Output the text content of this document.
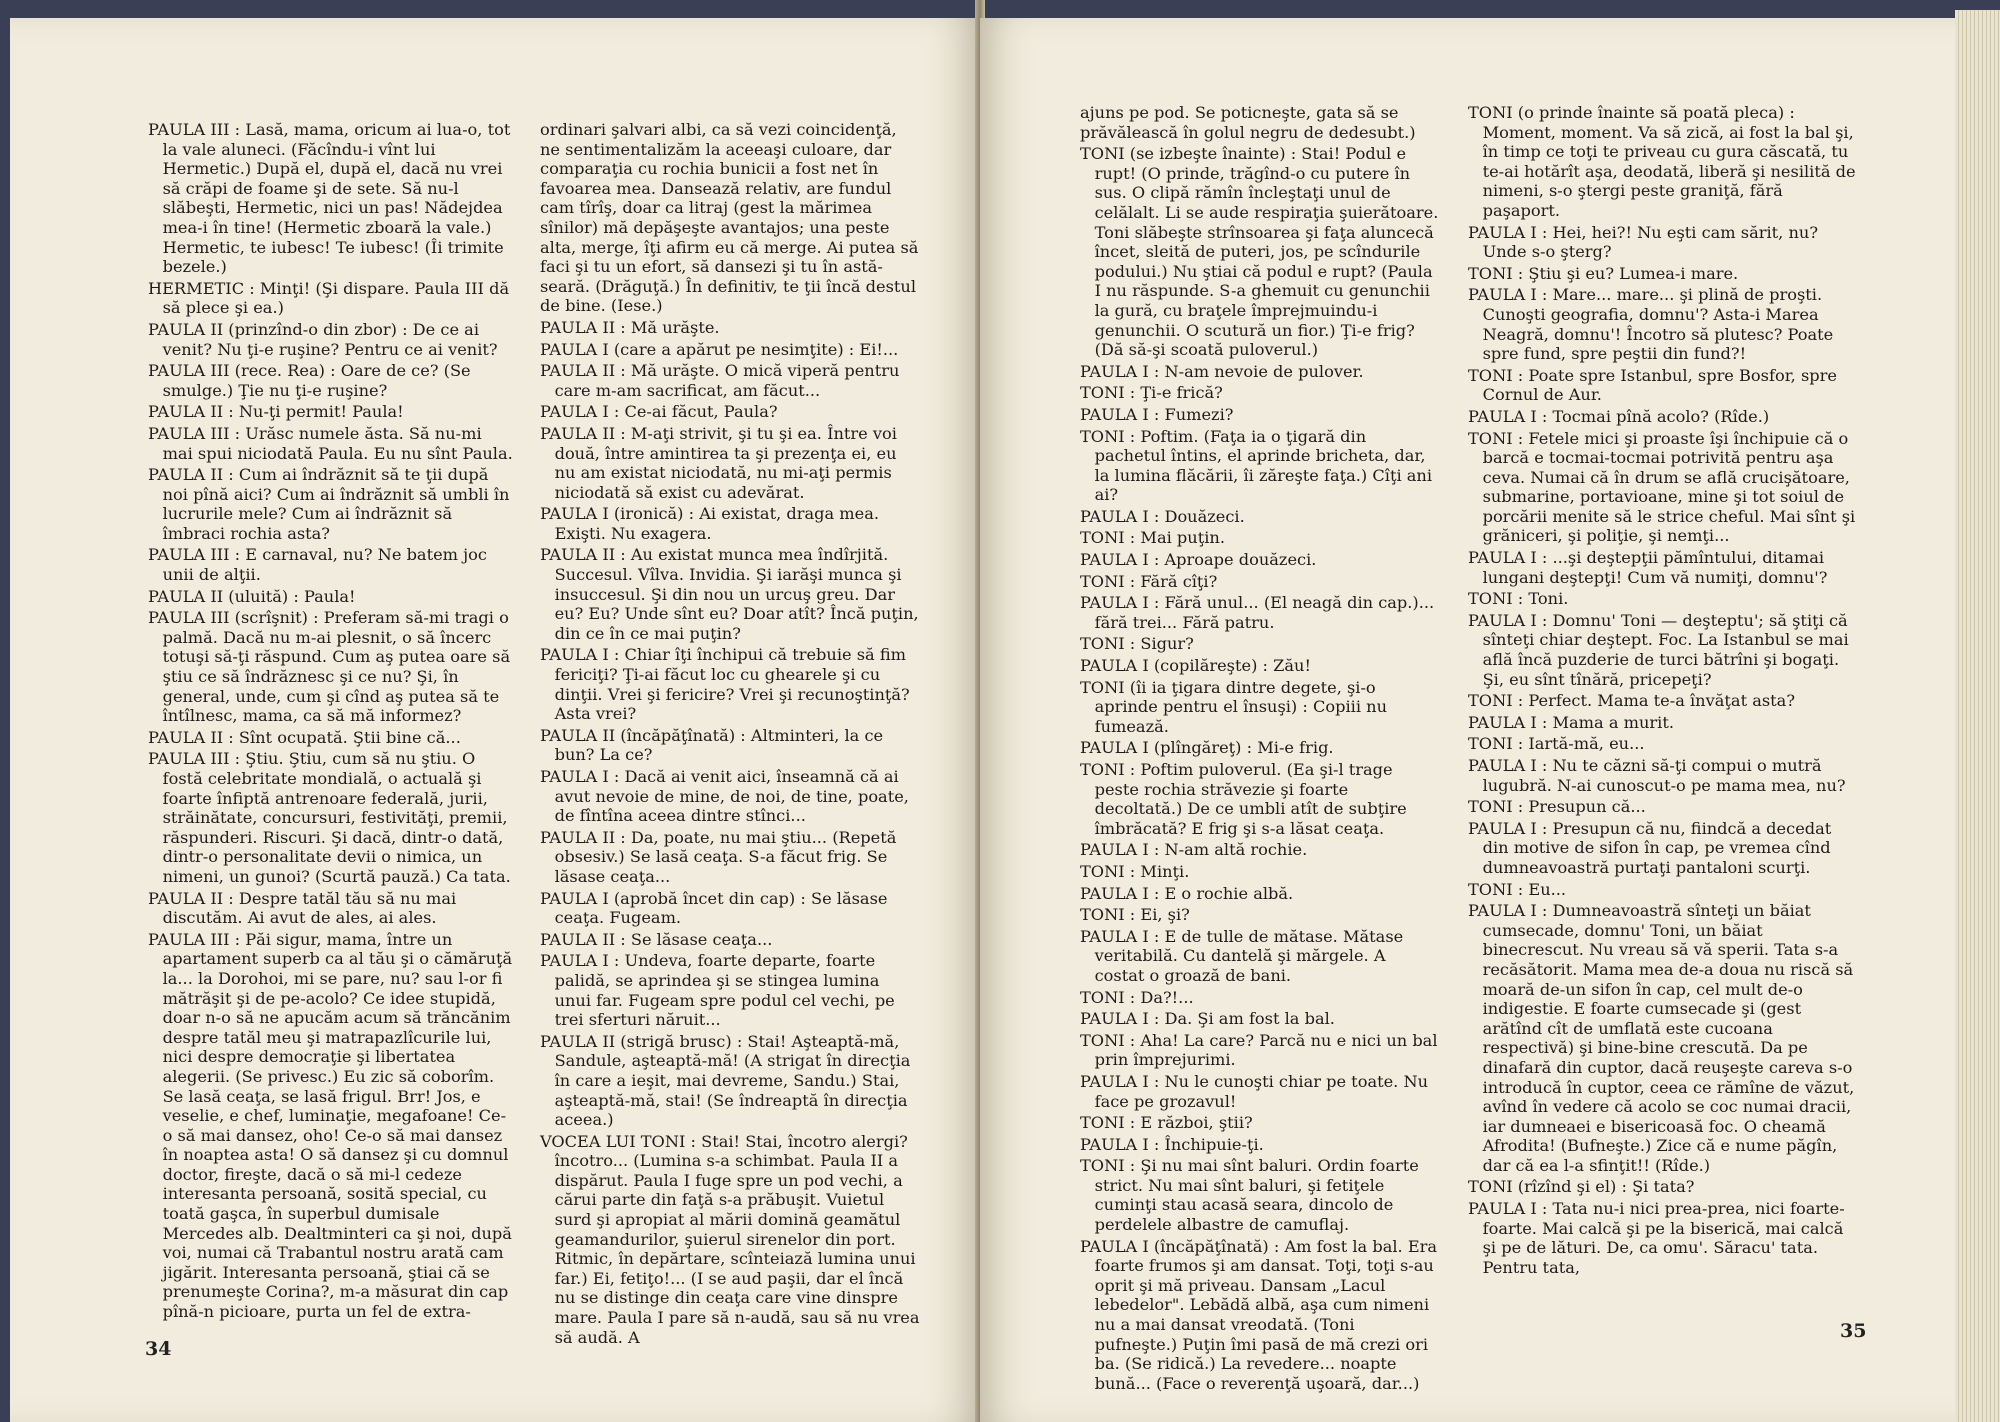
PAULA III : Lasă, mama, oricum ai lua-o, tot la vale aluneci. (Făcîndu-i vînt lui Hermetic.) După el, după el, dacă nu vrei să crăpi de foame şi de sete. Să nu-l slăbeşti, Hermetic, nici un pas! Nădejdea mea-i în tine! (Hermetic zboară la vale.) Hermetic, te iubesc! Te iubesc! (Îi trimite bezele.)

HERMETIC : Minţi! (Şi dispare. Paula III dă să plece şi ea.)

PAULA II (prinzînd-o din zbor) : De ce ai venit? Nu ţi-e ruşine? Pentru ce ai venit?

PAULA III (rece. Rea) : Oare de ce? (Se smulge.) Ţie nu ţi-e ruşine?

PAULA II : Nu-ţi permit! Paula!

PAULA III : Urăsc numele ăsta. Să nu-mi mai spui niciodată Paula. Eu nu sînt Paula.

PAULA II : Cum ai îndrăznit să te ţii după noi pînă aici? Cum ai îndrăznit să umbli în lucrurile mele? Cum ai îndrăznit să îmbraci rochia asta?

PAULA III : E carnaval, nu? Ne batem joc unii de alţii.

PAULA II (uluită) : Paula!

PAULA III (scrîşnit) : Preferam să-mi tragi o palmă. Dacă nu m-ai plesnit, o să încerc totuşi să-ţi răspund. Cum aş putea oare să ştiu ce să îndrăznesc şi ce nu? Şi, în general, unde, cum şi cînd aş putea să te întîlnesc, mama, ca să mă informez?

PAULA II : Sînt ocupată. Ştii bine că...

PAULA III : Ştiu. Ştiu, cum să nu ştiu. O fostă celebritate mondială, o actuală şi foarte înfiptă antrenoare federală, jurii, străinătate, concursuri, festivităţi, premii, răspunderi. Riscuri. Şi dacă, dintr-o dată, dintr-o personalitate devii o nimica, un nimeni, un gunoi? (Scurtă pauză.) Ca tata.

PAULA II : Despre tatăl tău să nu mai discutăm. Ai avut de ales, ai ales.

PAULA III : Păi sigur, mama, între un apartament superb ca al tău şi o cămăruţă la... la Dorohoi, mi se pare, nu? sau l-or fi mătrăşit şi de pe-acolo? Ce idee stupidă, doar n-o să ne apucăm acum să trăncănim despre tatăl meu şi matrapazlîcurile lui, nici despre democraţie şi libertatea alegerii. (Se privesc.) Eu zic să coborîm. Se lasă ceaţa, se lasă frigul. Brr! Jos, e veselie, e chef, luminaţie, megafoane! Ce-o să mai dansez, oho! Ce-o să mai dansez în noaptea asta! O să dansez şi cu domnul doctor, fireşte, dacă o să mi-l cedeze interesanta persoană, sosită special, cu toată gaşca, în superbul dumisale Mercedes alb. Dealtminteri ca şi noi, după voi, numai că Trabantul nostru arată cam jigărit. Interesanta persoană, ştiai că se prenumeşte Corina?, m-a măsurat din cap pînă-n picioare, purta un fel de extra-

ordinari şalvari albi, ca să vezi coincidenţă, ne sentimentalizăm la aceeaşi culoare, dar comparaţia cu rochia bunicii a fost net în favoarea mea. Dansează relativ, are fundul cam tîrîş, doar ca litraj (gest la mărimea sînilor) mă depăşeşte avantajos; una peste alta, merge, îţi afirm eu că merge. Ai putea să faci şi tu un efort, să dansezi şi tu în astă-seară. (Drăguţă.) În definitiv, te ţii încă destul de bine. (Iese.)

PAULA II : Mă urăşte.

PAULA I (care a apărut pe nesimţite) : Ei!...

PAULA II : Mă urăşte. O mică viperă pentru care m-am sacrificat, am făcut...

PAULA I : Ce-ai făcut, Paula?

PAULA II : M-aţi strivit, şi tu şi ea. Între voi două, între amintirea ta şi prezenţa ei, eu nu am existat niciodată, nu mi-aţi permis niciodată să exist cu adevărat.

PAULA I (ironică) : Ai existat, draga mea. Exişti. Nu exagera.

PAULA II : Au existat munca mea îndîrjită. Succesul. Vîlva. Invidia. Şi iarăşi munca şi insuccesul. Şi din nou un urcuş greu. Dar eu? Eu? Unde sînt eu? Doar atît? Încă puţin, din ce în ce mai puţin?

PAULA I : Chiar îţi închipui că trebuie să fim fericiţi? Ţi-ai făcut loc cu ghearele şi cu dinţii. Vrei şi fericire? Vrei şi recunoştinţă? Asta vrei?

PAULA II (încăpăţînată) : Altminteri, la ce bun? La ce?

PAULA I : Dacă ai venit aici, înseamnă că ai avut nevoie de mine, de noi, de tine, poate, de fîntîna aceea dintre stînci...

PAULA II : Da, poate, nu mai ştiu... (Repetă obsesiv.) Se lasă ceaţa. S-a făcut frig. Se lăsase ceaţa...

PAULA I (aprobă încet din cap) : Se lăsase ceaţa. Fugeam.

PAULA II : Se lăsase ceaţa...

PAULA I : Undeva, foarte departe, foarte palidă, se aprindea şi se stingea lumina unui far. Fugeam spre podul cel vechi, pe trei sferturi năruit...

PAULA II (strigă brusc) : Stai! Aşteaptă-mă, Sandule, aşteaptă-mă! (A strigat în direcţia în care a ieşit, mai devreme, Sandu.) Stai, aşteaptă-mă, stai! (Se îndreaptă în direcţia aceea.)

VOCEA LUI TONI : Stai! Stai, încotro alergi? încotro... (Lumina s-a schimbat. Paula II a dispărut. Paula I fuge spre un pod vechi, a cărui parte din faţă s-a prăbuşit. Vuietul surd şi apropiat al mării domină geamătul geamandurilor, şuierul sirenelor din port. Ritmic, în depărtare, scînteiază lumina unui far.) Ei, fetiţo!... (I se aud paşii, dar el încă nu se distinge din ceaţa care vine dinspre mare. Paula I pare să n-audă, sau să nu vrea să audă. A

34

ajuns pe pod. Se poticneşte, gata să se prăvălească în golul negru de dedesubt.)

TONI (se izbeşte înainte) : Stai! Podul e rupt! (O prinde, trăgînd-o cu putere în sus. O clipă rămîn încleştaţi unul de celălalt. Li se aude respiraţia şuierătoare. Toni slăbeşte strînsoarea şi faţa aluncecă încet, sleită de puteri, jos, pe scîndurile podului.) Nu ştiai că podul e rupt? (Paula I nu răspunde. S-a ghemuit cu genunchii la gură, cu braţele împrejmuindu-i genunchii. O scutură un fior.) Ţi-e frig? (Dă să-şi scoată puloverul.)

PAULA I : N-am nevoie de pulover.

TONI : Ţi-e frică?

PAULA I : Fumezi?

TONI : Poftim. (Faţa ia o ţigară din pachetul întins, el aprinde bricheta, dar, la lumina flăcării, îi zăreşte faţa.) Cîţi ani ai?

PAULA I : Douăzeci.

TONI : Mai puţin.

PAULA I : Aproape douăzeci.

TONI : Fără cîţi?

PAULA I : Fără unul... (El neagă din cap.)... fără trei... Fără patru.

TONI : Sigur?

PAULA I (copilăreşte) : Zău!

TONI (îi ia ţigara dintre degete, şi-o aprinde pentru el însuşi) : Copiii nu fumează.

PAULA I (plîngăreţ) : Mi-e frig.

TONI : Poftim puloverul. (Ea şi-l trage peste rochia străvezie şi foarte decoltată.) De ce umbli atît de subţire îmbrăcată? E frig şi s-a lăsat ceaţa.

PAULA I : N-am altă rochie.

TONI : Minţi.

PAULA I : E o rochie albă.

TONI : Ei, şi?

PAULA I : E de tulle de mătase. Mătase veritabilă. Cu dantelă şi mărgele. A costat o groază de bani.

TONI : Da?!...

PAULA I : Da. Şi am fost la bal.

TONI : Aha! La care? Parcă nu e nici un bal prin împrejurimi.

PAULA I : Nu le cunoşti chiar pe toate. Nu face pe grozavul!

TONI : E război, ştii?

PAULA I : Închipuie-ţi.

TONI : Şi nu mai sînt baluri. Ordin foarte strict. Nu mai sînt baluri, şi fetiţele cuminţi stau acasă seara, dincolo de perdelele albastre de camuflaj.

PAULA I (încăpăţînată) : Am fost la bal. Era foarte frumos şi am dansat. Toţi, toţi s-au oprit şi mă priveau. Dansam „Lacul lebedelor". Lebădă albă, aşa cum nimeni nu a mai dansat vreodată. (Toni pufneşte.) Puţin îmi pasă de mă crezi ori ba. (Se ridică.) La revedere... noapte bună... (Face o reverenţă uşoară, dar...)

TONI (o prinde înainte să poată pleca) : Moment, moment. Va să zică, ai fost la bal şi, în timp ce toţi te priveau cu gura căscată, tu te-ai hotărît aşa, deodată, liberă şi nesilită de nimeni, s-o ştergi peste graniţă, fără paşaport.

PAULA I : Hei, hei?! Nu eşti cam sărit, nu? Unde s-o şterg?

TONI : Ştiu şi eu? Lumea-i mare.

PAULA I : Mare... mare... şi plină de proşti. Cunoşti geografia, domnu'? Asta-i Marea Neagră, domnu'! Încotro să plutesc? Poate spre fund, spre peştii din fund?!

TONI : Poate spre Istanbul, spre Bosfor, spre Cornul de Aur.

PAULA I : Tocmai pînă acolo? (Rîde.)

TONI : Fetele mici şi proaste îşi închipuie că o barcă e tocmai-tocmai potrivită pentru aşa ceva. Numai că în drum se află crucişătoare, submarine, portavioane, mine şi tot soiul de porcării menite să le strice cheful. Mai sînt şi grăniceri, şi poliţie, şi nemţi...

PAULA I : ...şi deştepţii pămîntului, ditamai lungani deştepţi! Cum vă numiţi, domnu'?

TONI : Toni.

PAULA I : Domnu' Toni — deşteptu'; să ştiţi că sînteţi chiar deştept. Foc. La Istanbul se mai află încă puzderie de turci bătrîni şi bogaţi. Şi, eu sînt tînără, pricepeţi?

TONI : Perfect. Mama te-a învăţat asta?

PAULA I : Mama a murit.

TONI : Iartă-mă, eu...

PAULA I : Nu te căzni să-ţi compui o mutră lugubră. N-ai cunoscut-o pe mama mea, nu?

TONI : Presupun că...

PAULA I : Presupun că nu, fiindcă a decedat din motive de sifon în cap, pe vremea cînd dumneavoastră purtaţi pantaloni scurţi.

TONI : Eu...

PAULA I : Dumneavoastră sînteţi un băiat cumsecade, domnu' Toni, un băiat binecrescut. Nu vreau să vă sperii. Tata s-a recăsătorit. Mama mea de-a doua nu riscă să moară de-un sifon în cap, cel mult de-o indigestie. E foarte cumsecade şi (gest arătînd cît de umflată este cucoana respectivă) şi bine-bine crescută. Da pe dinafară din cuptor, dacă reuşeşte careva s-o introducă în cuptor, ceea ce rămîne de văzut, avînd în vedere că acolo se coc numai dracii, iar dumneaei e bisericoasă foc. O cheamă Afrodita! (Bufneşte.) Zice că e nume păgîn, dar că ea l-a sfinţit!! (Rîde.)

TONI (rîzînd şi el) : Şi tata?

PAULA I : Tata nu-i nici prea-prea, nici foarte-foarte. Mai calcă şi pe la biserică, mai calcă şi pe de lături. De, ca omu'. Săracu' tata. Pentru tata,

35
